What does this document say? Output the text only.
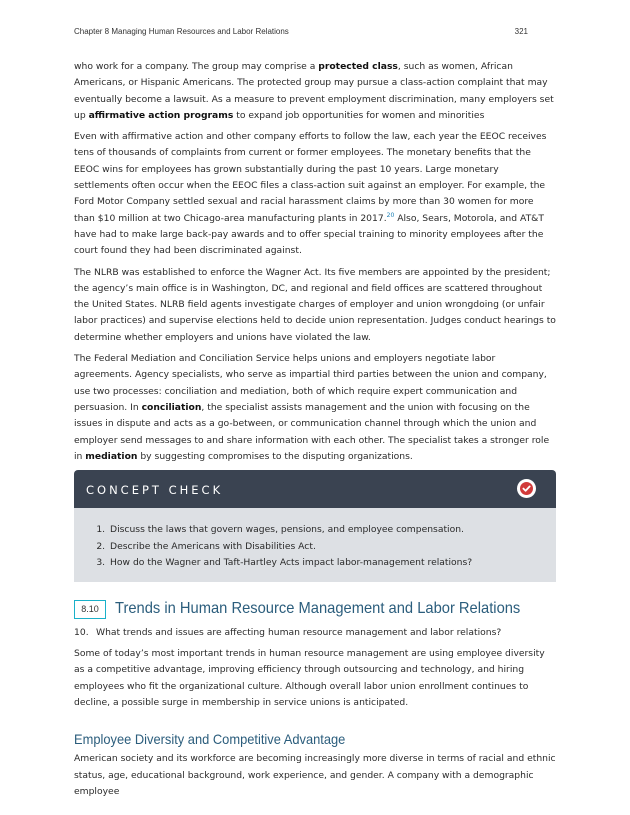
Chapter 8 Managing Human Resources and Labor Relations	321

who work for a company. The group may comprise a protected class, such as women, African Americans, or Hispanic Americans. The protected group may pursue a class-action complaint that may eventually become a lawsuit. As a measure to prevent employment discrimination, many employers set up affirmative action programs to expand job opportunities for women and minorities

Even with affirmative action and other company efforts to follow the law, each year the EEOC receives tens of thousands of complaints from current or former employees. The monetary benefits that the EEOC wins for employees has grown substantially during the past 10 years. Large monetary settlements often occur when the EEOC files a class-action suit against an employer. For example, the Ford Motor Company settled sexual and racial harassment claims by more than 30 women for more than $10 million at two Chicago-area manufacturing plants in 2017.20 Also, Sears, Motorola, and AT&T have had to make large back-pay awards and to offer special training to minority employees after the court found they had been discriminated against.

The NLRB was established to enforce the Wagner Act. Its five members are appointed by the president; the agency’s main office is in Washington, DC, and regional and field offices are scattered throughout the United States. NLRB field agents investigate charges of employer and union wrongdoing (or unfair labor practices) and supervise elections held to decide union representation. Judges conduct hearings to determine whether employers and unions have violated the law.

The Federal Mediation and Conciliation Service helps unions and employers negotiate labor agreements. Agency specialists, who serve as impartial third parties between the union and company, use two processes: conciliation and mediation, both of which require expert communication and persuasion. In conciliation, the specialist assists management and the union with focusing on the issues in dispute and acts as a go-between, or communication channel through which the union and employer send messages to and share information with each other. The specialist takes a stronger role in mediation by suggesting compromises to the disputing organizations.

CONCEPT CHECK
1. Discuss the laws that govern wages, pensions, and employee compensation.
2. Describe the Americans with Disabilities Act.
3. How do the Wagner and Taft-Hartley Acts impact labor-management relations?
8.10	Trends in Human Resource Management and Labor Relations

10. What trends and issues are affecting human resource management and labor relations?

Some of today’s most important trends in human resource management are using employee diversity as a competitive advantage, improving efficiency through outsourcing and technology, and hiring employees who fit the organizational culture. Although overall labor union enrollment continues to decline, a possible surge in membership in service unions is anticipated.

Employee Diversity and Competitive Advantage

American society and its workforce are becoming increasingly more diverse in terms of racial and ethnic status, age, educational background, work experience, and gender. A company with a demographic employee
